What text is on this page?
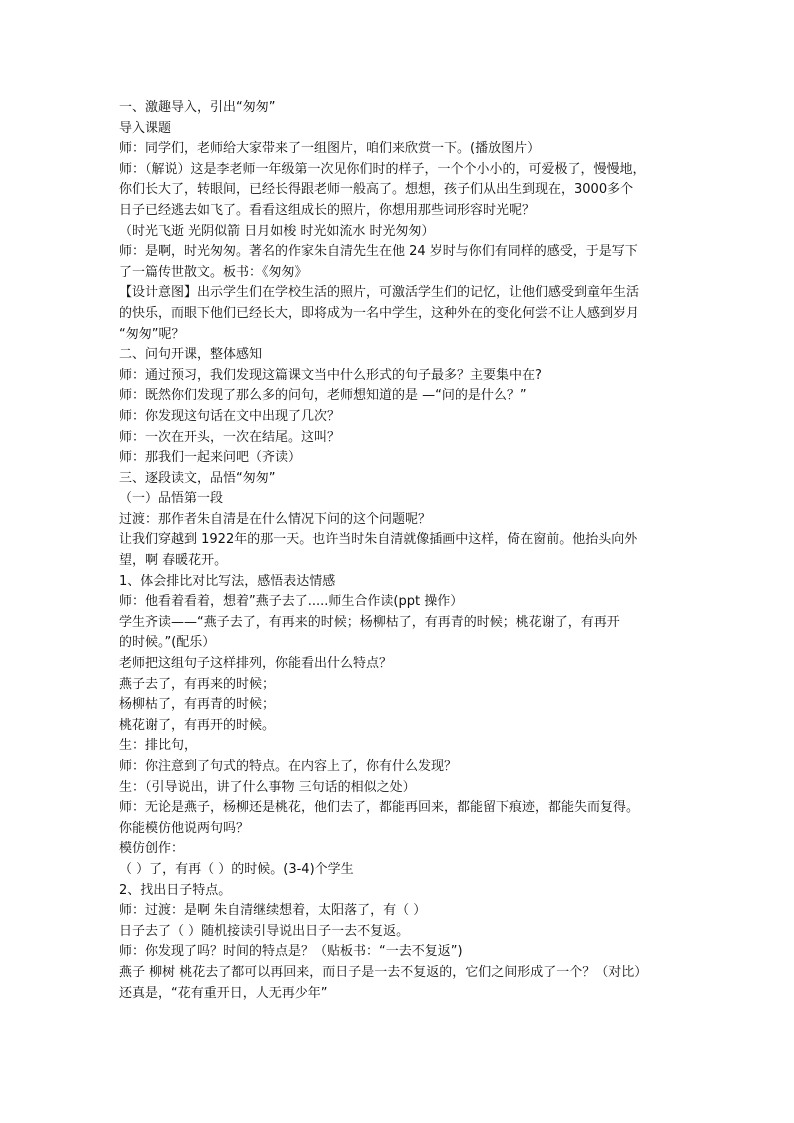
一、激趣导入，引出“匆匆”
导入课题
师：同学们，老师给大家带来了一组图片，咱们来欣赏一下。(播放图片）
师：（解说）这是李老师一年级第一次见你们时的样子，一个个小小的，可爱极了，慢慢地，
你们长大了，转眼间，已经长得跟老师一般高了。想想，孩子们从出生到现在，3000多个
日子已经逃去如飞了。看看这组成长的照片，你想用那些词形容时光呢？
（时光飞逝 光阴似箭 日月如梭 时光如流水 时光匆匆）
师：是啊，时光匆匆。著名的作家朱自清先生在他 24 岁时与你们有同样的感受，于是写下
了一篇传世散文。板书：《匆匆》
【设计意图】出示学生们在学校生活的照片，可激活学生们的记忆，让他们感受到童年生活
的快乐，而眼下他们已经长大，即将成为一名中学生，这种外在的变化何尝不让人感到岁月
“匆匆”呢？
二、问句开课，整体感知
师：通过预习，我们发现这篇课文当中什么形式的句子最多？主要集中在?
师：既然你们发现了那么多的问句，老师想知道的是 —“问的是什么？”
师：你发现这句话在文中出现了几次？
师：一次在开头，一次在结尾。这叫？
师：那我们一起来问吧（齐读）
三、逐段读文，品悟“匆匆”
（一）品悟第一段
过渡：那作者朱自清是在什么情况下问的这个问题呢？
让我们穿越到 1922年的那一天。也许当时朱自清就像插画中这样，倚在窗前。他抬头向外
望，啊 春暖花开。
1、体会排比对比写法，感悟表达情感
师：他看着看着，想着”燕子去了.....师生合作读(ppt 操作）
学生齐读——“燕子去了，有再来的时候；杨柳枯了，有再青的时候；桃花谢了，有再开
的时候。”(配乐）
老师把这组句子这样排列，你能看出什么特点？
燕子去了，有再来的时候；
杨柳枯了，有再青的时候；
桃花谢了，有再开的时候。
生：排比句，
师：你注意到了句式的特点。在内容上了，你有什么发现？
生：（引导说出，讲了什么事物 三句话的相似之处）
师：无论是燕子，杨柳还是桃花，他们去了，都能再回来，都能留下痕迹，都能失而复得。
你能模仿他说两句吗？
模仿创作：
（ ）了，有再（ ）的时候。(3-4)个学生
2、找出日子特点。
师：过渡：是啊 朱自清继续想着，太阳落了，有（ ）
日子去了（ ）随机接读引导说出日子一去不复返。
师：你发现了吗？时间的特点是？（贴板书：“一去不复返”)
燕子 柳树 桃花去了都可以再回来，而日子是一去不复返的，它们之间形成了一个？（对比）
还真是，“花有重开日，人无再少年”
